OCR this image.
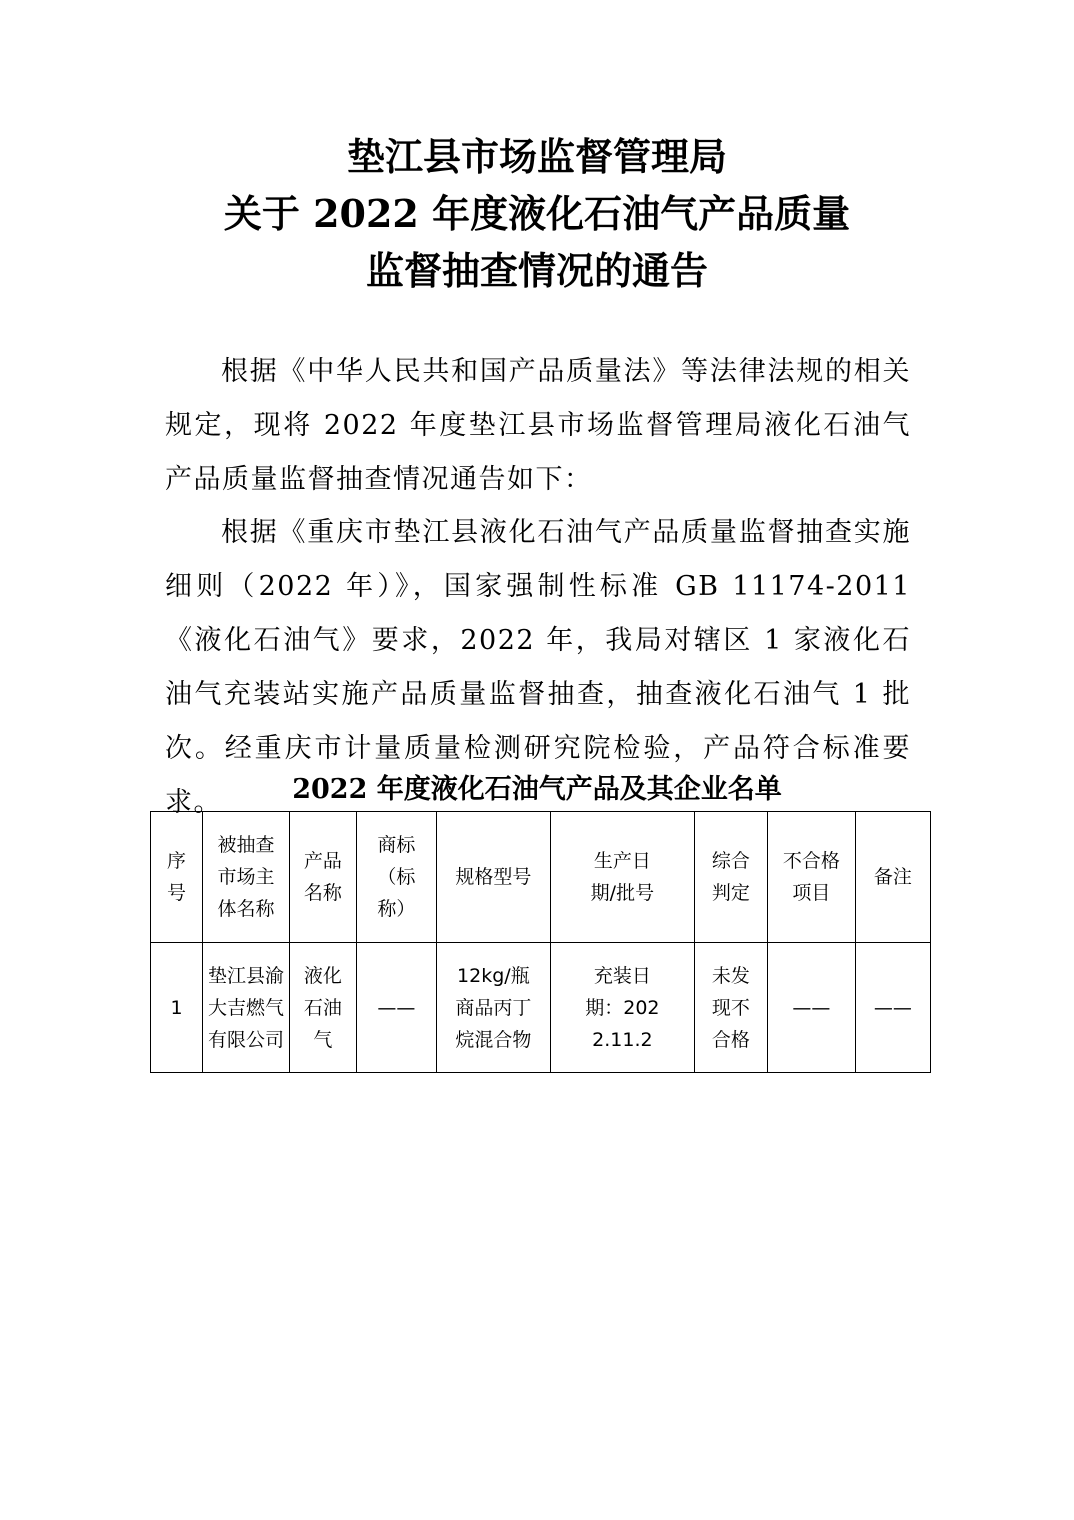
垫江县市场监督管理局
关于 2022 年度液化石油气产品质量
监督抽查情况的通告

根据《中华人民共和国产品质量法》等法律法规的相关规定，现将 2022 年度垫江县市场监督管理局液化石油气产品质量监督抽查情况通告如下：

根据《重庆市垫江县液化石油气产品质量监督抽查实施细则（2022 年）》，国家强制性标准 GB 11174-2011《液化石油气》要求，2022 年，我局对辖区 1 家液化石油气充装站实施产品质量监督抽查，抽查液化石油气 1 批次。经重庆市计量质量检测研究院检验，产品符合标准要求。	2022 年度液化石油气产品及其企业名单
序号	被抽查市场主体名称	产品名称	商标（标称）	规格型号	生产日期/批号	综合判定	不合格项目	备注
1	垫江县渝大吉燃气有限公司	液化石油气	——	12kg/瓶商品丙丁烷混合物	充装日期：2022.11.2	未发现不合格	——	——
